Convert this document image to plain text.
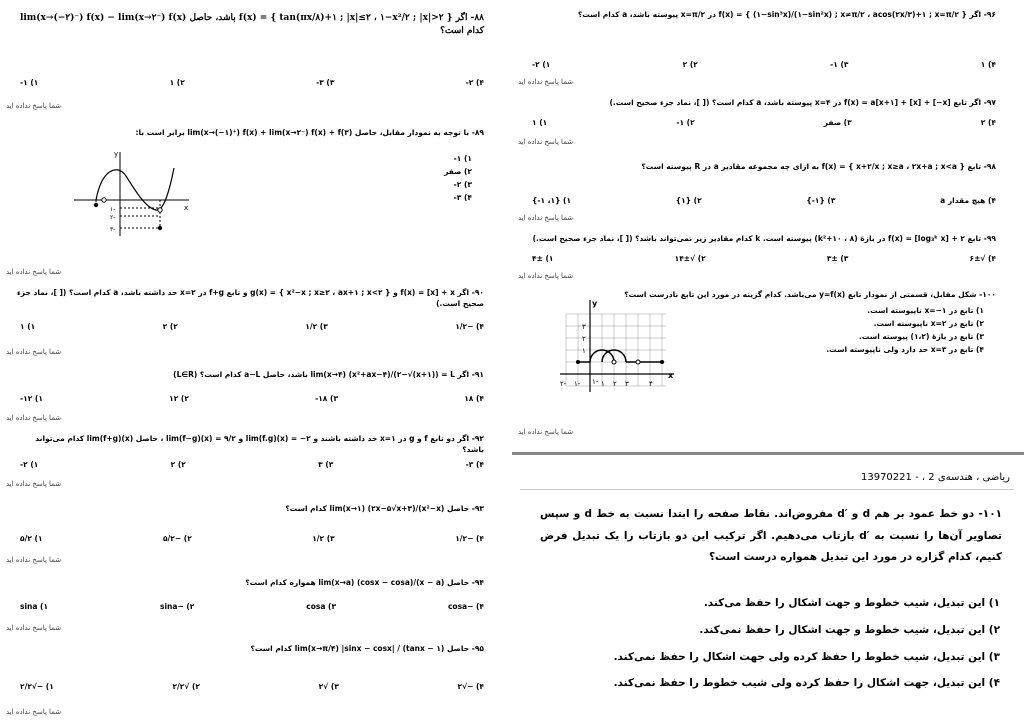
۸۸- اگر f(x) = { tan(πx/۸)+۱ ; |x|≤۲ ، ۱−x²/۲ ; |x|>۲ } باشد، حاصل lim(x→(−۲)⁻) f(x) − lim(x→۲⁻) f(x) کدام است؟
۱) ۱-	۲) ۱	۳) ۳-	۴) ۲-
شما پاسخ نداده اید
۸۹- با توجه به نمودار مقابل، حاصل lim(x→(−۱)⁺) f(x) + lim(x→۲⁻) f(x) + f(۳) برابر است با:
۱) ۱-
۲) صفر
۳) ۲-
۴) ۳-
x
y
۱-
۲-
۳-
شما پاسخ نداده اید
۹۰- اگر f(x) = [x] + x و g(x) = { x²−x ; x≥۲ ، ax+۱ ; x<۲ } و تابع f+g در x=۲ حد داشته باشد، a کدام است؟ ([ ]، نماد جزء صحیح است.)
۱) ۱	۲) ۲	۳) ۱/۲	۴) −۱/۲
شما پاسخ نداده اید
۹۱- اگر lim(x→۴) (x²+ax−۴)/(۲−√(x+۱)) = L باشد، حاصل a−L کدام است؟ (L∈R)
۱) ۱۲-	۲) ۱۲	۳) ۱۸-	۴) ۱۸
شما پاسخ نداده اید
۹۲- اگر دو تابع f و g در x=۱ حد داشته باشند و lim(f.g)(x) = −۲ و lim(f−g)(x) = ۹/۲ ، حاصل lim(f+g)(x) کدام می‌تواند باشد؟
۱) ۲-	۲) ۲	۳) ۳	۴) ۳-
شما پاسخ نداده اید
۹۳- حاصل lim(x→۱) (۲x−۵√x+۳)/(x²−x) کدام است؟
۱) ۵/۲	۲) −۵/۲	۳) ۱/۲	۴) −۱/۲
شما پاسخ نداده اید
۹۴- حاصل lim(x→a) (cosx − cosa)/(x − a) همواره کدام است؟
۱) sina	۲) −sina	۳) cosa	۴) −cosa
شما پاسخ نداده اید
۹۵- حاصل lim(x→π/۴) |sinx − cosx| / (tanx − ۱) کدام است؟
۱) −√۲/۲	۲) √۲/۲	۳) √۲	۴) −√۲
شما پاسخ نداده اید
۹۶- اگر f(x) = { (۱−sin³x)/(۱−sin²x) ; x≠π/۲ ، acos(۲x/۳)+۱ ; x=π/۲ } در x=π/۲ پیوسته باشد، a کدام است؟
۱) ۲-	۲) ۲	۳) ۱-	۴) ۱
شما پاسخ نداده اید
۹۷- اگر تابع f(x) = a[x+۱] + [x] + [−x] در x=۴ پیوسته باشد، a کدام است؟ ([ ]، نماد جزء صحیح است.)
۱) ۱	۲) ۱-	۳) صفر	۴) ۲
شما پاسخ نداده اید
۹۸- تابع f(x) = { x+۲/x ; x≥a ، ۲x+a ; x<a } به ازای چه مجموعه مقادیر a در R پیوسته است؟
۱) {۱، ۱-}	۲) {۱}	۳) {۱-}	۴) هیچ مقدار a
شما پاسخ نداده اید
۹۹- تابع f(x) = [log₃ᵏ x] + ۲ در بازهٔ (۸ ، k²+۱۰) پیوسته است. k کدام مقادیر زیر نمی‌تواند باشد؟ ([ ]، نماد جزء صحیح است.)
۱) ۴±	۲) √۱۴±	۳) ۳±	۴) √۶±
شما پاسخ نداده اید
۱۰۰- شکل مقابل، قسمتی از نمودار تابع y=f(x) می‌باشد. کدام گزینه در مورد این تابع نادرست است؟
۱) تابع در x=−۱ ناپیوسته است.
۲) تابع در x=۲ ناپیوسته است.
۳) تابع در بازهٔ (۱،۲) پیوسته است.
۴) تابع در x=۳ حد دارد ولی ناپیوسته است.
x
y
۲- ۱-	۱ ۲ ۳	۴
۳
۲
۱
۱-
شما پاسخ نداده اید
ریاضی ، هندسه‌ی 2 ، - 13970221
۱۰۱- دو خط عمود بر هم d و ′d مفروض‌اند. نقاط صفحه را ابتدا نسبت به خط d و سپس تصاویر آن‌ها را نسبت به ′d بازتاب می‌دهیم. اگر ترکیب این دو بازتاب را یک تبدیل فرض کنیم، کدام گزاره در مورد این تبدیل همواره درست است؟
۱) این تبدیل، شیب خطوط و جهت اشکال را حفظ می‌کند.
۲) این تبدیل، شیب خطوط و جهت اشکال را حفظ نمی‌کند.
۳) این تبدیل، شیب خطوط را حفظ کرده ولی جهت اشکال را حفظ نمی‌کند.
۴) این تبدیل، جهت اشکال را حفظ کرده ولی شیب خطوط را حفظ نمی‌کند.
